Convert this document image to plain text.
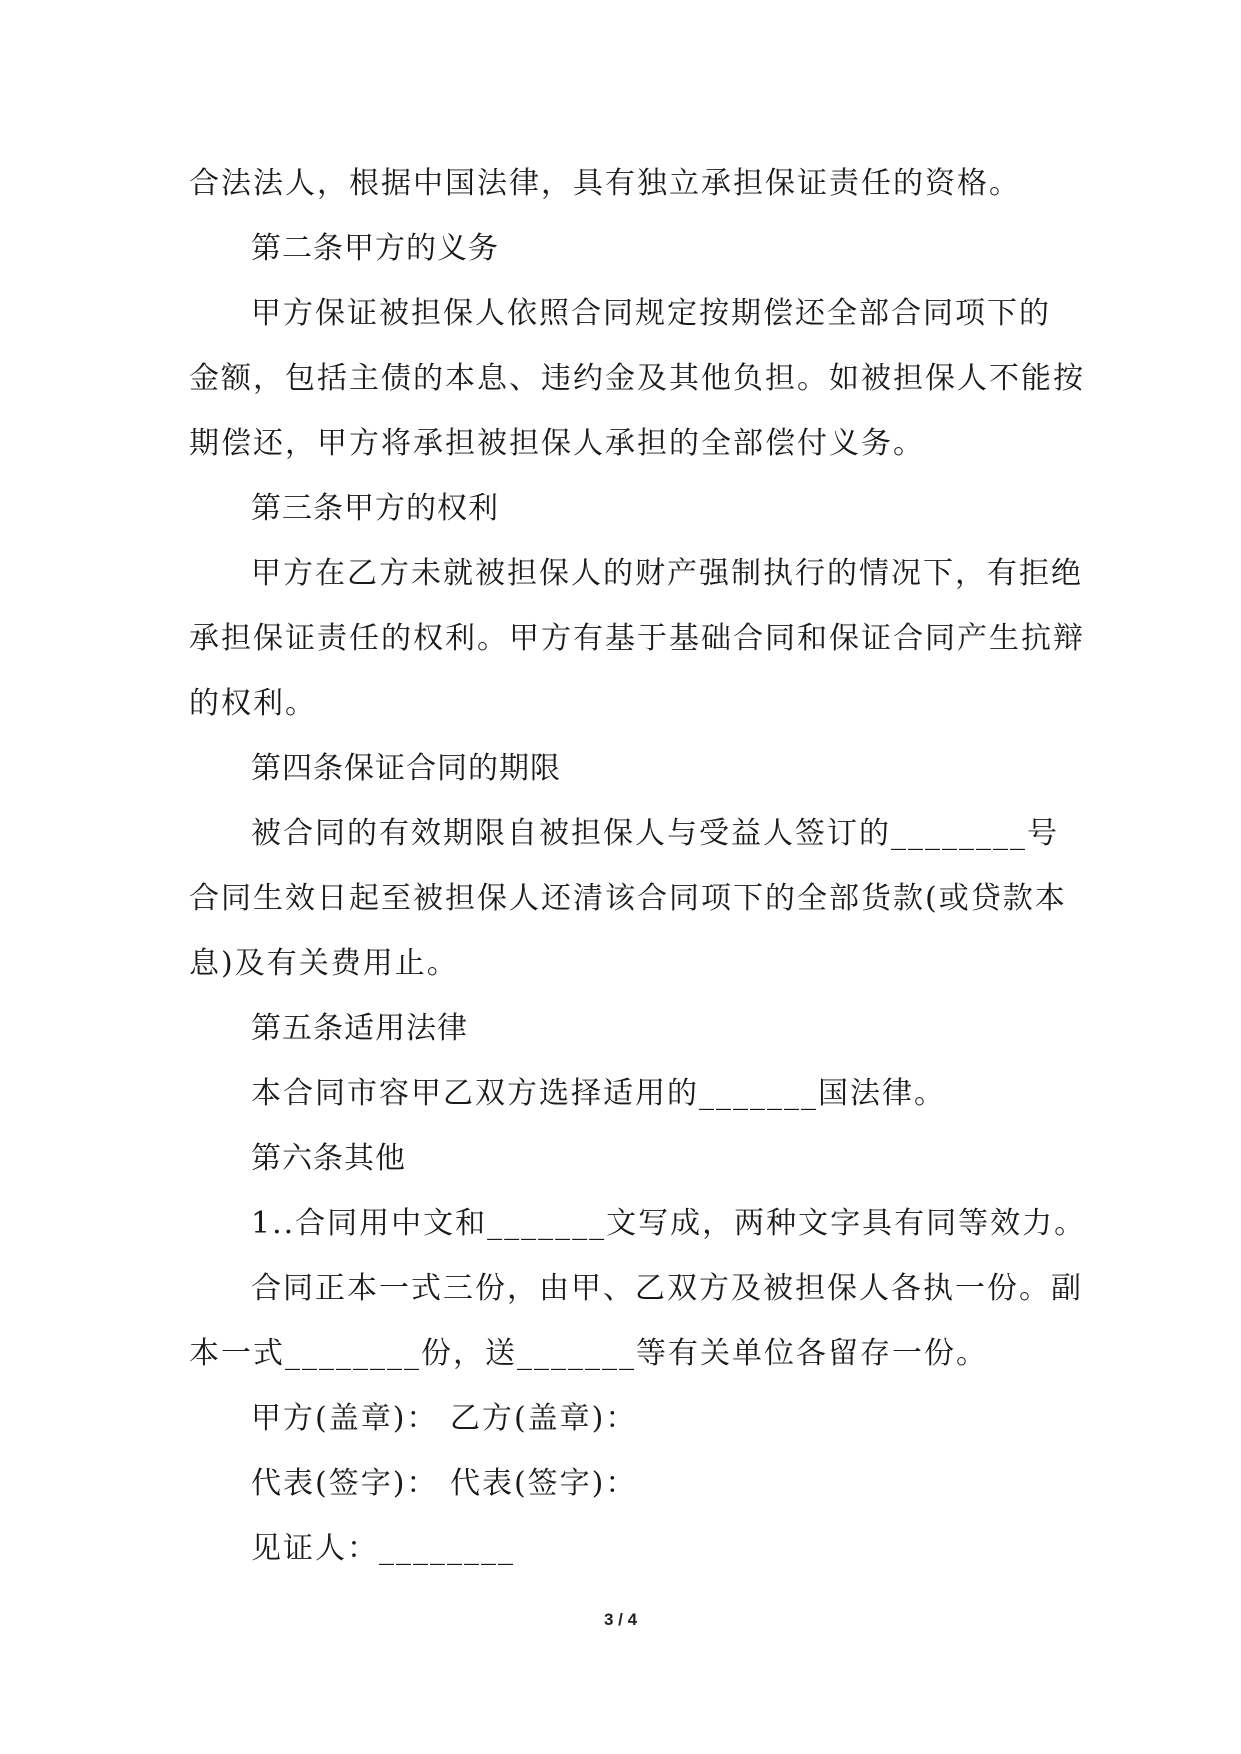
合法法人，根据中国法律，具有独立承担保证责任的资格。
第二条甲方的义务
甲方保证被担保人依照合同规定按期偿还全部合同项下的
金额，包括主债的本息、违约金及其他负担。如被担保人不能按
期偿还，甲方将承担被担保人承担的全部偿付义务。
第三条甲方的权利
甲方在乙方未就被担保人的财产强制执行的情况下，有拒绝
承担保证责任的权利。甲方有基于基础合同和保证合同产生抗辩
的权利。
第四条保证合同的期限
被合同的有效期限自被担保人与受益人签订的________号
合同生效日起至被担保人还清该合同项下的全部货款(或贷款本
息)及有关费用止。
第五条适用法律
本合同市容甲乙双方选择适用的_______国法律。
第六条其他
1..合同用中文和_______文写成，两种文字具有同等效力。
合同正本一式三份，由甲、乙双方及被担保人各执一份。副
本一式________份，送_______等有关单位各留存一份。
甲方(盖章)： 乙方(盖章)：
代表(签字)： 代表(签字)：
见证人：________
3 / 4
